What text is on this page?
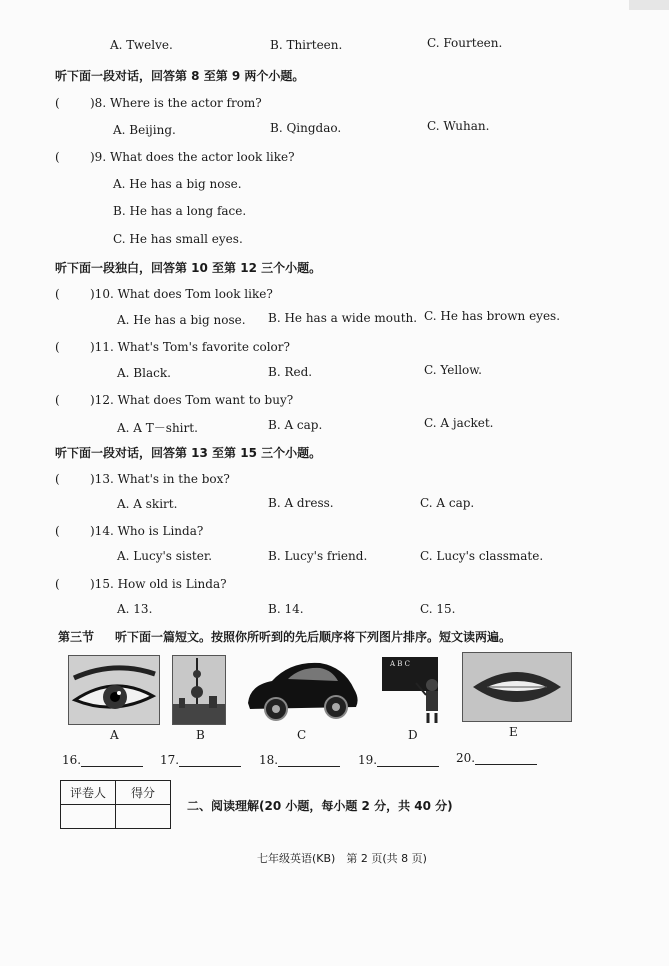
A. Twelve.	B. Thirteen.	C. Fourteen.
听下面一段对话，回答第 8 至第 9 两个小题。
(	)8. Where is the actor from?
A. Beijing.	B. Qingdao.	C. Wuhan.
(	)9. What does the actor look like?
A. He has a big nose.
B. He has a long face.
C. He has small eyes.
听下面一段独白，回答第 10 至第 12 三个小题。
(	)10. What does Tom look like?
A. He has a big nose. B. He has a wide mouth. C. He has brown eyes.
(	)11. What's Tom's favorite color?
A. Black.	B. Red.	C. Yellow.
(	)12. What does Tom want to buy?
A. A T－shirt.	B. A cap.	C. A jacket.
听下面一段对话，回答第 13 至第 15 三个小题。
(	)13. What's in the box?
A. A skirt.	B. A dress.	C. A cap.
(	)14. Who is Linda?
A. Lucy's sister.	B. Lucy's friend.	C. Lucy's classmate.
(	)15. How old is Linda?
A. 13.	B. 14.	C. 15.
第三节 听下面一篇短文。按照你所听到的先后顺序将下列图片排序。短文读两遍。
A	B	C
A B C
D	E
16.	17.	18.	19.	20.
评卷人	得分

二、阅读理解(20 小题，每小题 2 分，共 40 分)
七年级英语(KB)　第 2 页(共 8 页)
